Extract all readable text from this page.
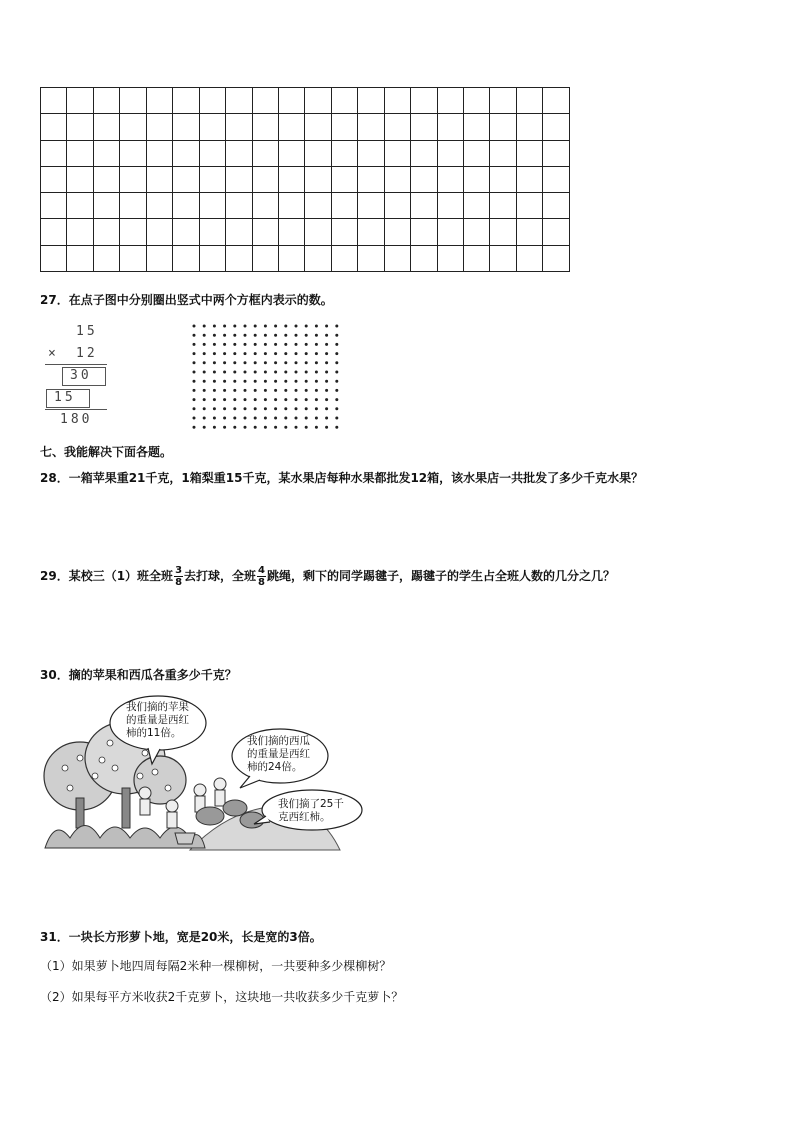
27．在点子图中分别圈出竖式中两个方框内表示的数。
15
× 12
30
15
180
七、我能解决下面各题。
28．一箱苹果重21千克，1箱梨重15千克，某水果店每种水果都批发12箱，该水果店一共批发了多少千克水果？
29．某校三（1）班全班 $\frac{3}{8}$ 去打球，全班 $\frac{4}{8}$ 跳绳，剩下的同学踢毽子，踢毽子的学生占全班人数的几分之几？
30．摘的苹果和西瓜各重多少千克？
我们摘的苹果
的重量是西红
柿的11倍。
我们摘的西瓜
的重量是西红
柿的24倍。
我们摘了25千
克西红柿。
31．一块长方形萝卜地，宽是20米，长是宽的3倍。
（1）如果萝卜地四周每隔2米种一棵柳树，一共要种多少棵柳树？
（2）如果每平方米收获2千克萝卜，这块地一共收获多少千克萝卜？
